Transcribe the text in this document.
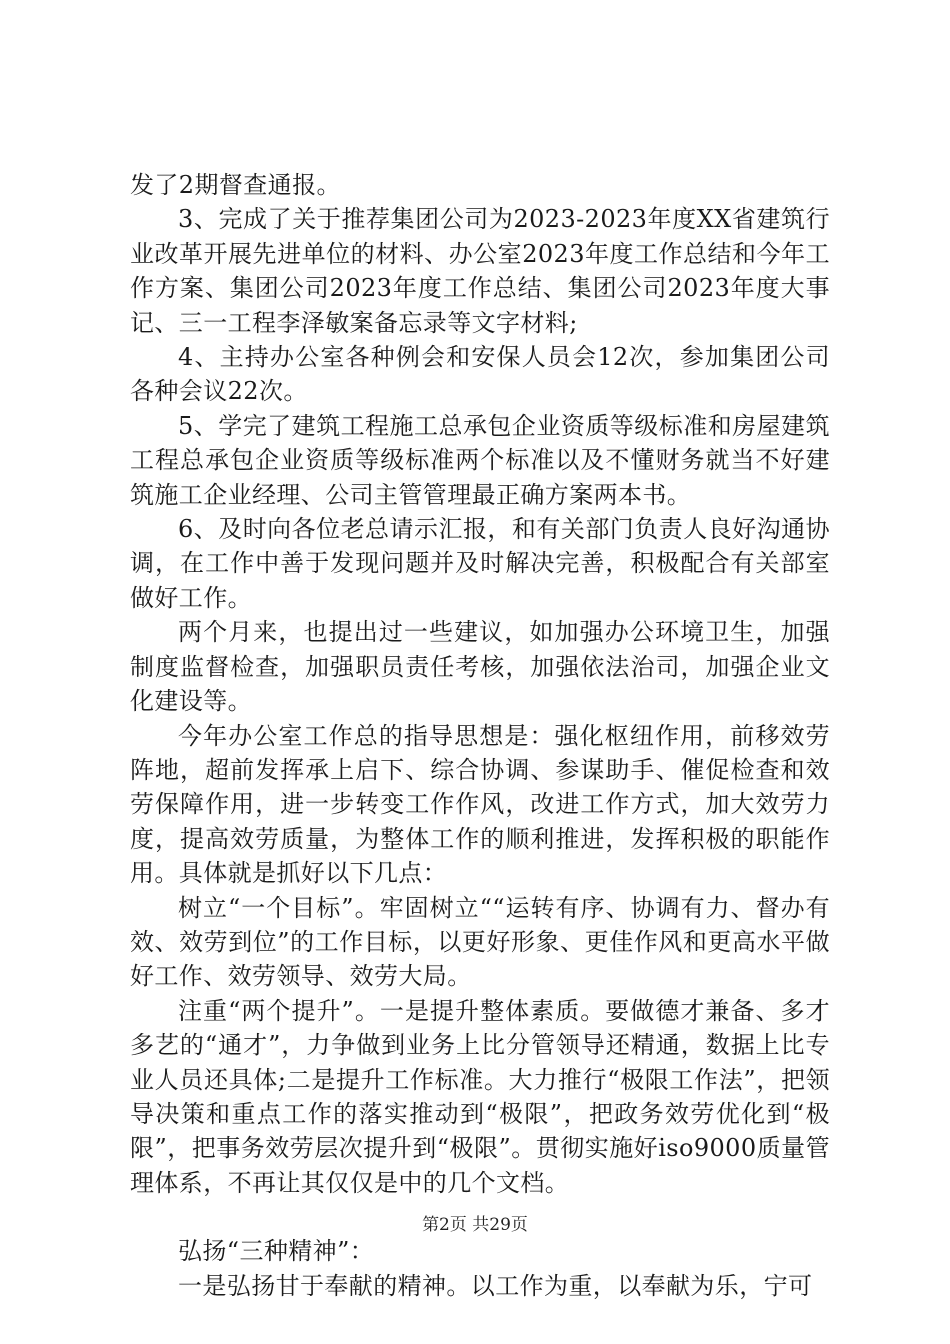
发了2期督查通报。

3、完成了关于推荐集团公司为2023-2023年度XX省建筑行业改革开展先进单位的材料、办公室2023年度工作总结和今年工作方案、集团公司2023年度工作总结、集团公司2023年度大事记、三一工程李泽敏案备忘录等文字材料;

4、主持办公室各种例会和安保人员会12次，参加集团公司各种会议22次。

5、学完了建筑工程施工总承包企业资质等级标准和房屋建筑工程总承包企业资质等级标准两个标准以及不懂财务就当不好建筑施工企业经理、公司主管管理最正确方案两本书。

6、及时向各位老总请示汇报，和有关部门负责人良好沟通协调，在工作中善于发现问题并及时解决完善，积极配合有关部室做好工作。

两个月来，也提出过一些建议，如加强办公环境卫生，加强制度监督检查，加强职员责任考核，加强依法治司，加强企业文化建设等。

今年办公室工作总的指导思想是：强化枢纽作用，前移效劳阵地，超前发挥承上启下、综合协调、参谋助手、催促检查和效劳保障作用，进一步转变工作作风，改进工作方式，加大效劳力度，提高效劳质量，为整体工作的顺利推进，发挥积极的职能作用。具体就是抓好以下几点：

树立“一个目标”。牢固树立““运转有序、协调有力、督办有效、效劳到位”的工作目标，以更好形象、更佳作风和更高水平做好工作、效劳领导、效劳大局。

注重“两个提升”。一是提升整体素质。要做德才兼备、多才多艺的“通才”，力争做到业务上比分管领导还精通，数据上比专业人员还具体;二是提升工作标准。大力推行“极限工作法”，把领导决策和重点工作的落实推动到“极限”，把政务效劳优化到“极限”，把事务效劳层次提升到“极限”。贯彻实施好iso9000质量管理体系，不再让其仅仅是中的几个文档。

弘扬“三种精神”：

一是弘扬甘于奉献的精神。以工作为重，以奉献为乐，宁可

第2页 共29页
